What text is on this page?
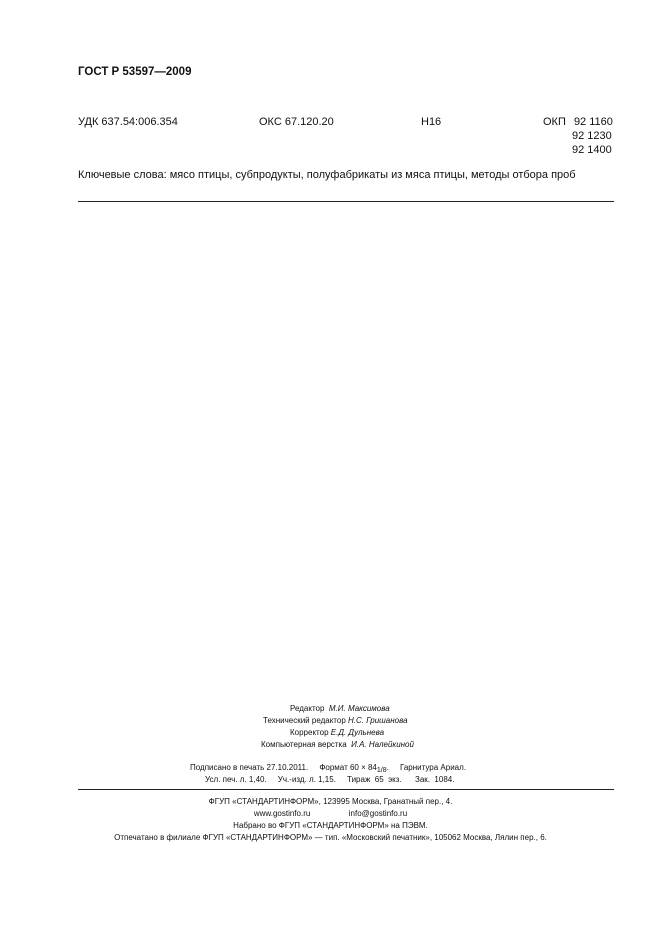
ГОСТ Р 53597—2009
УДК 637.54:006.354	ОКС 67.120.20	Н16	ОКП 92 1160
92 1230
92 1400
Ключевые слова: мясо птицы, субпродукты, полуфабрикаты из мяса птицы, методы отбора проб
Редактор М.И. Максимова
Технический редактор Н.С. Гришанова
Корректор Е.Д. Дульнева
Компьютерная верстка И.А. Налейкиной
Подписано в печать 27.10.2011. Формат 60 × 841/8. Гарнитура Ариал.
Усл. печ. л. 1,40.     Уч.-изд. л. 1,15.     Тираж  65  экз.      Зак.  1084.
ФГУП «СТАНДАРТИНФОРМ», 123995 Москва, Гранатный пер., 4.
www.gostinfo.ru	info@gostinfo.ru
Набрано во ФГУП «СТАНДАРТИНФОРМ» на ПЭВМ.
Отпечатано в филиале ФГУП «СТАНДАРТИНФОРМ» — тип. «Московский печатник», 105062 Москва, Лялин пер., 6.
